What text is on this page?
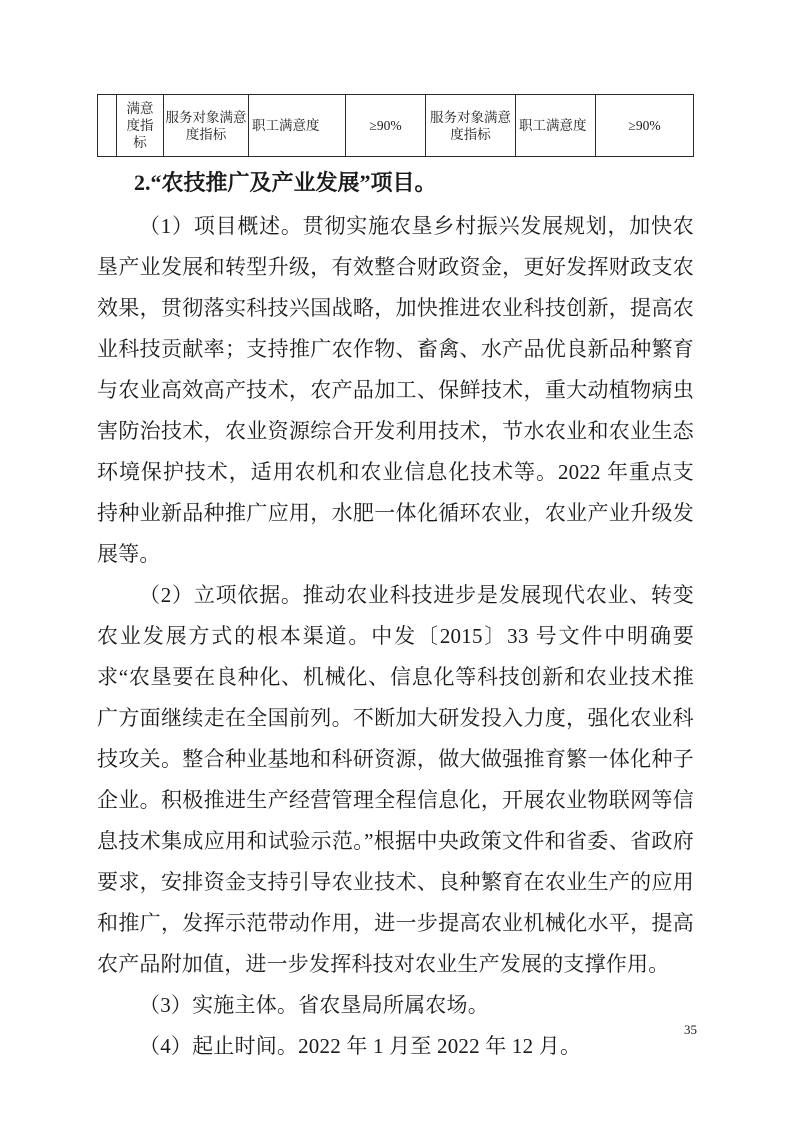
	满意度指标	服务对象满意度指标	职工满意度	≥90%	服务对象满意度指标	职工满意度	≥90%
2.“农技推广及产业发展”项目。

（1）项目概述。贯彻实施农垦乡村振兴发展规划，加快农垦产业发展和转型升级，有效整合财政资金，更好发挥财政支农效果，贯彻落实科技兴国战略，加快推进农业科技创新，提高农业科技贡献率；支持推广农作物、畜禽、水产品优良新品种繁育与农业高效高产技术，农产品加工、保鲜技术，重大动植物病虫害防治技术，农业资源综合开发利用技术，节水农业和农业生态环境保护技术，适用农机和农业信息化技术等。2022 年重点支持种业新品种推广应用，水肥一体化循环农业，农业产业升级发展等。

（2）立项依据。推动农业科技进步是发展现代农业、转变农业发展方式的根本渠道。中发〔2015〕33 号文件中明确要求“农垦要在良种化、机械化、信息化等科技创新和农业技术推广方面继续走在全国前列。不断加大研发投入力度，强化农业科技攻关。整合种业基地和科研资源，做大做强推育繁一体化种子企业。积极推进生产经营管理全程信息化，开展农业物联网等信息技术集成应用和试验示范。”根据中央政策文件和省委、省政府要求，安排资金支持引导农业技术、良种繁育在农业生产的应用和推广，发挥示范带动作用，进一步提高农业机械化水平，提高农产品附加值，进一步发挥科技对农业生产发展的支撑作用。

（3）实施主体。省农垦局所属农场。

（4）起止时间。2022 年 1 月至 2022 年 12 月。

35
